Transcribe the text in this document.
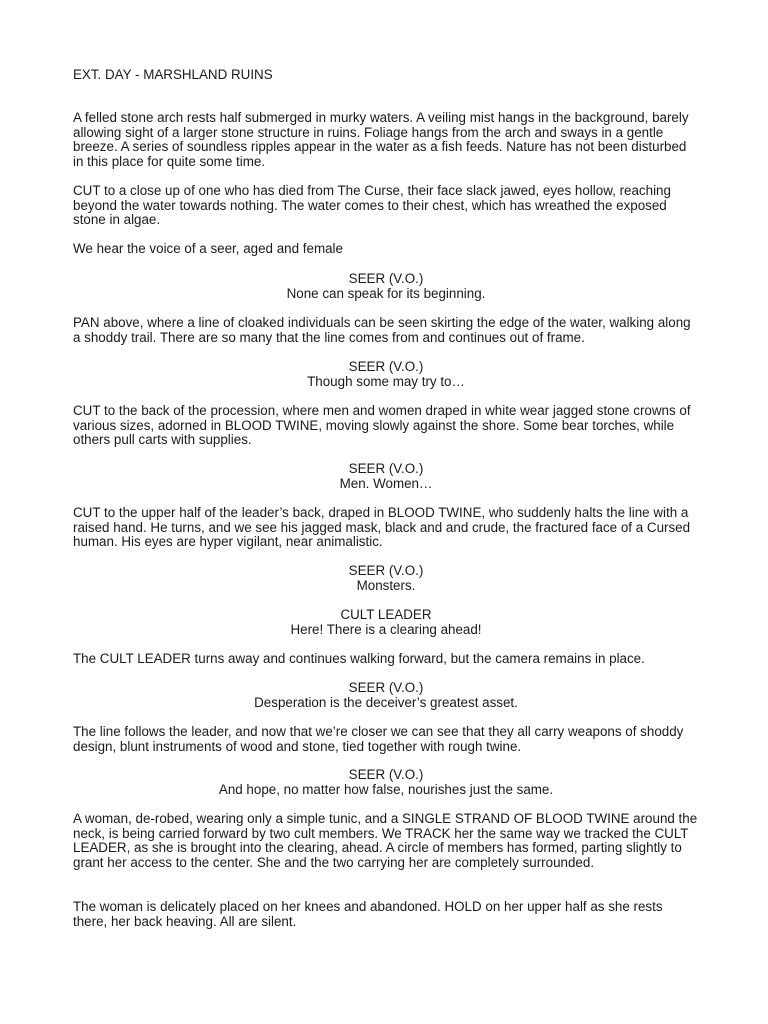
EXT. DAY - MARSHLAND RUINS

A felled stone arch rests half submerged in murky waters. A veiling mist hangs in the background, barely allowing sight of a larger stone structure in ruins. Foliage hangs from the arch and sways in a gentle breeze. A series of soundless ripples appear in the water as a fish feeds. Nature has not been disturbed in this place for quite some time.

CUT to a close up of one who has died from The Curse, their face slack jawed, eyes hollow, reaching beyond the water towards nothing. The water comes to their chest, which has wreathed the exposed stone in algae.

We hear the voice of a seer, aged and female

SEER (V.O.)
None can speak for its beginning.

PAN above, where a line of cloaked individuals can be seen skirting the edge of the water, walking along a shoddy trail. There are so many that the line comes from and continues out of frame.

SEER (V.O.)
Though some may try to…

CUT to the back of the procession, where men and women draped in white wear jagged stone crowns of various sizes, adorned in BLOOD TWINE, moving slowly against the shore. Some bear torches, while others pull carts with supplies.

SEER (V.O.)
Men. Women…

CUT to the upper half of the leader’s back, draped in BLOOD TWINE, who suddenly halts the line with a raised hand. He turns, and we see his jagged mask, black and and crude, the fractured face of a Cursed human. His eyes are hyper vigilant, near animalistic.

SEER (V.O.)
Monsters.
CULT LEADER
Here! There is a clearing ahead!

The CULT LEADER turns away and continues walking forward, but the camera remains in place.

SEER (V.O.)
Desperation is the deceiver’s greatest asset.

The line follows the leader, and now that we’re closer we can see that they all carry weapons of shoddy design, blunt instruments of wood and stone, tied together with rough twine.

SEER (V.O.)
And hope, no matter how false, nourishes just the same.

A woman, de-robed, wearing only a simple tunic, and a SINGLE STRAND OF BLOOD TWINE around the neck, is being carried forward by two cult members. We TRACK her the same way we tracked the CULT LEADER, as she is brought into the clearing, ahead. A circle of members has formed, parting slightly to grant her access to the center. She and the two carrying her are completely surrounded.

The woman is delicately placed on her knees and abandoned. HOLD on her upper half as she rests there, her back heaving. All are silent.
